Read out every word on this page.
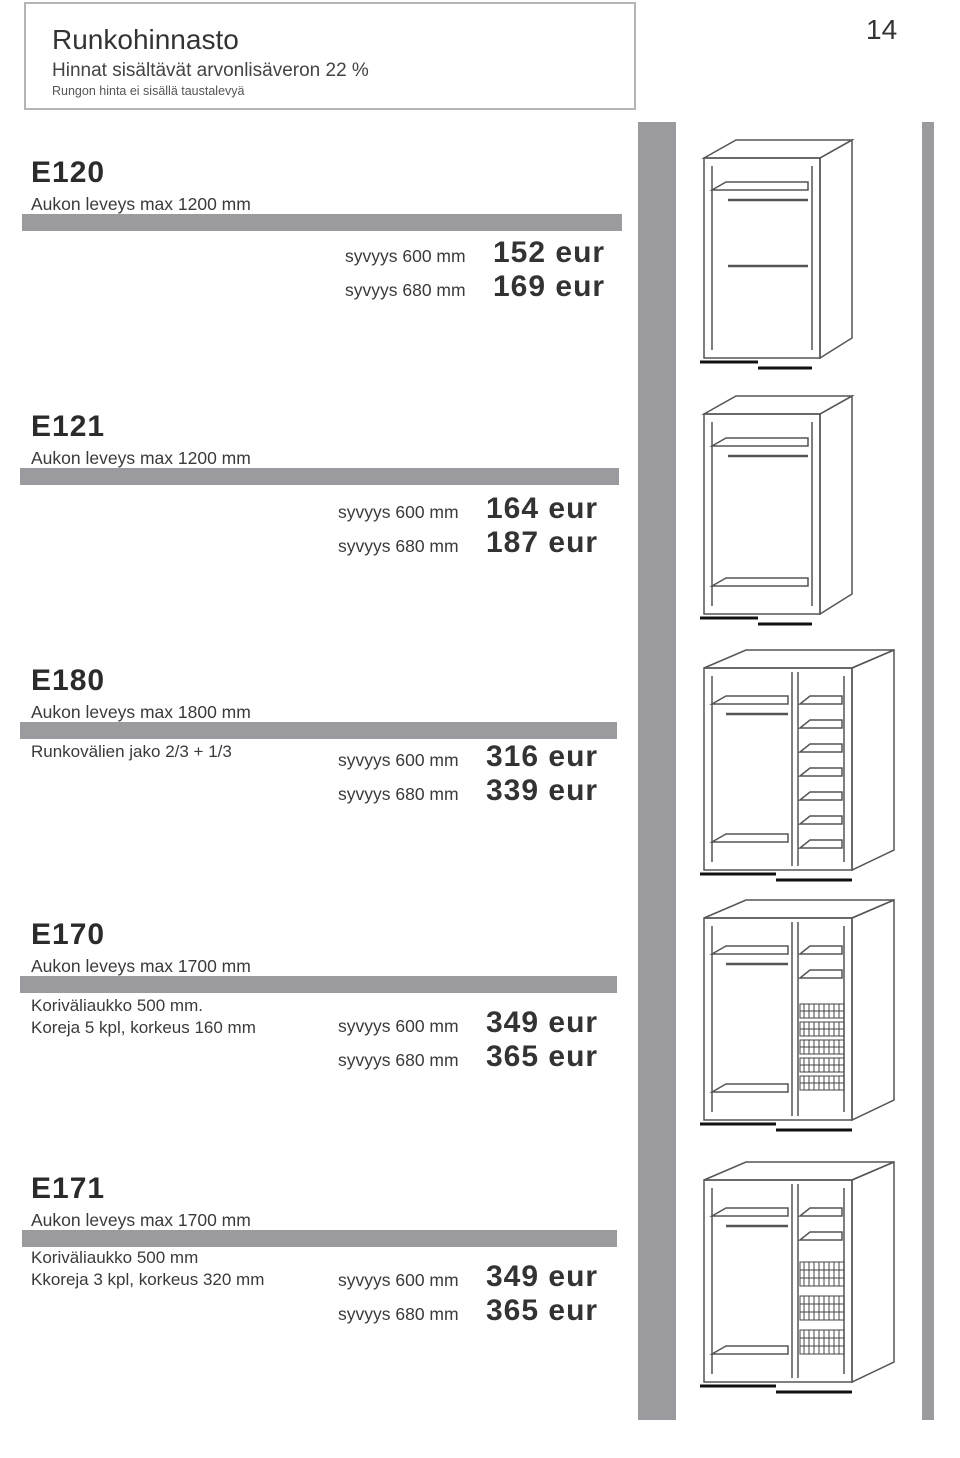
Runkohinnasto
Hinnat sisältävät arvonlisäveron 22 %
Rungon hinta ei sisällä taustalevyä
14
E120
Aukon leveys max 1200 mm
syvyys 600 mm 152 eur
syvyys 680 mm 169 eur
E121
Aukon leveys max 1200 mm
syvyys 600 mm 164 eur
syvyys 680 mm 187 eur
E180
Aukon leveys max 1800 mm
Runkovälien jako 2/3 + 1/3	syvyys 600 mm 316 eur
syvyys 680 mm 339 eur
E170
Aukon leveys max 1700 mm
Koriväliaukko 500 mm.
Koreja 5 kpl, korkeus 160 mm	syvyys 600 mm 349 eur
syvyys 680 mm 365 eur
E171
Aukon leveys max 1700 mm
Koriväliaukko 500 mm
Kkoreja 3 kpl, korkeus 320 mm	syvyys 600 mm 349 eur
syvyys 680 mm 365 eur
